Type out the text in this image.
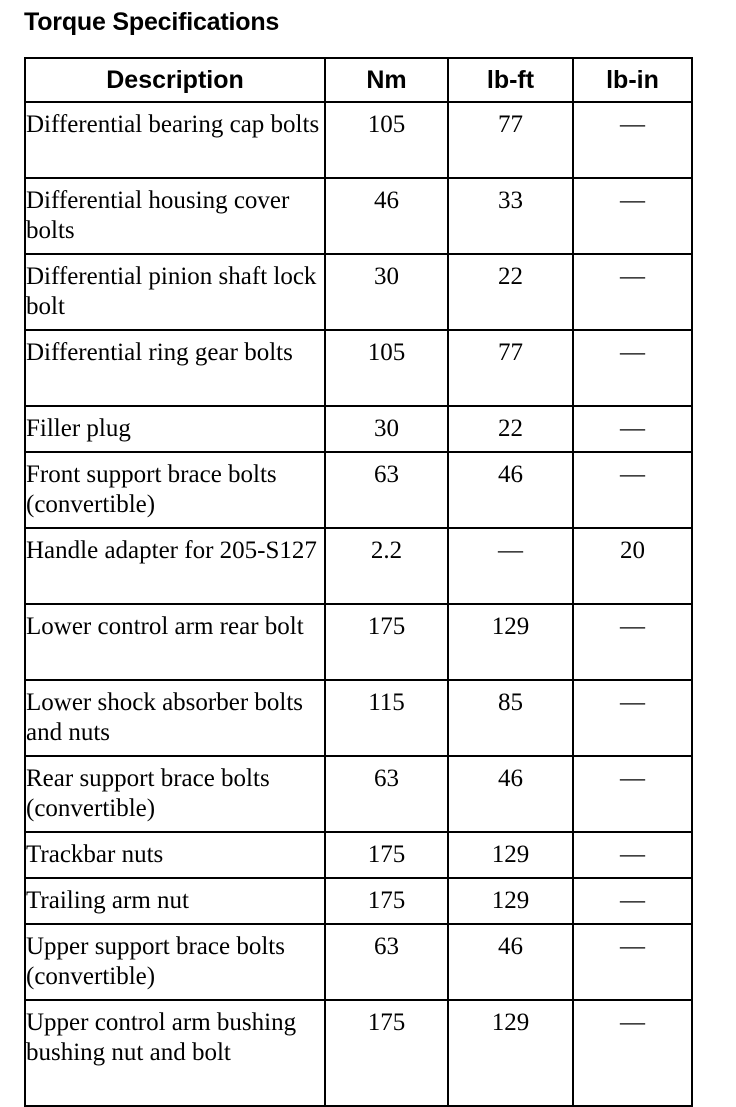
Torque Specifications
Description	Nm	lb-ft	lb-in
Differential bearing cap bolts	105	77	—
Differential housing cover bolts	46	33	—
Differential pinion shaft lock bolt	30	22	—
Differential ring gear bolts	105	77	—
Filler plug	30	22	—
Front support brace bolts (convertible)	63	46	—
Handle adapter for 205-S127	2.2	—	20
Lower control arm rear bolt	175	129	—
Lower shock absorber bolts and nuts	115	85	—
Rear support brace bolts (convertible)	63	46	—
Trackbar nuts	175	129	—
Trailing arm nut	175	129	—
Upper support brace bolts (convertible)	63	46	—
Upper control arm bushing bushing nut and bolt	175	129	—
